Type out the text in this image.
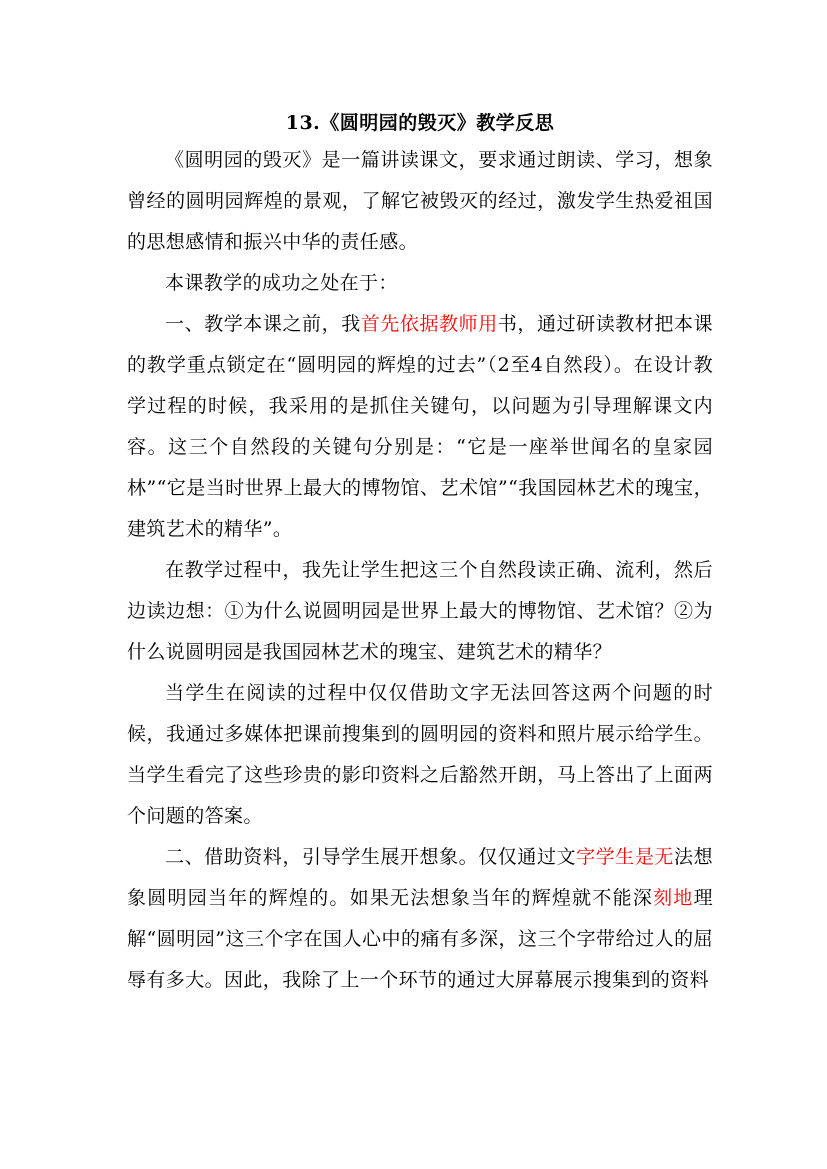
13.《圆明园的毁灭》教学反思

《圆明园的毁灭》是一篇讲读课文，要求通过朗读、学习，想象曾经的圆明园辉煌的景观，了解它被毁灭的经过，激发学生热爱祖国的思想感情和振兴中华的责任感。

本课教学的成功之处在于：

一、教学本课之前，我首先依据教师用书，通过研读教材把本课的教学重点锁定在“圆明园的辉煌的过去”（2至4自然段）。在设计教学过程的时候，我采用的是抓住关键句，以问题为引导理解课文内容。这三个自然段的关键句分别是：“它是一座举世闻名的皇家园林”“它是当时世界上最大的博物馆、艺术馆”“我国园林艺术的瑰宝，建筑艺术的精华”。

在教学过程中，我先让学生把这三个自然段读正确、流利，然后边读边想：①为什么说圆明园是世界上最大的博物馆、艺术馆？②为什么说圆明园是我国园林艺术的瑰宝、建筑艺术的精华？

当学生在阅读的过程中仅仅借助文字无法回答这两个问题的时候，我通过多媒体把课前搜集到的圆明园的资料和照片展示给学生。当学生看完了这些珍贵的影印资料之后豁然开朗，马上答出了上面两个问题的答案。

二、借助资料，引导学生展开想象。仅仅通过文字学生是无法想象圆明园当年的辉煌的。如果无法想象当年的辉煌就不能深刻地理解“圆明园”这三个字在国人心中的痛有多深，这三个字带给过人的屈辱有多大。因此，我除了上一个环节的通过大屏幕展示搜集到的资料
